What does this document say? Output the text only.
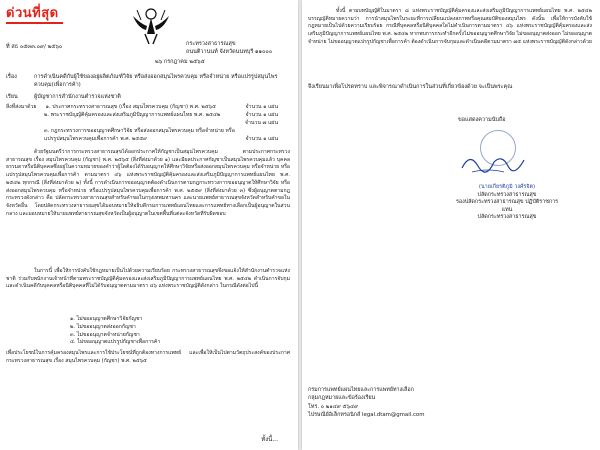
ด่วนที่สุด
ที่ สธ ๐๕๓๓.๐๙/ ๒๕๖๐	กระทรวงสาธารณสุข
ถนนติวานนท์ จังหวัดนนทบุรี ๑๑๐๐๐
๒๖ กรกฎาคม ๒๕๖๕
เรื่อง	การดำเนินคดีกับผู้ใช้ของอยู่ผลิตภัณฑ์วิจัย หรือส่งออกสมุนไพรควบคุม หรือจำหน่าย หรือแปรรูปสมุนไพรควบคุม(เพื่อการค้า)
เรียน	ผู้บัญชาการสำนักงานตำรวจแห่งชาติ
สิ่งที่ส่งมาด้วย ๑. ประกาศกระทรวงสาธารณสุข (เรื่อง สมุนไพรควบคุม (กัญชา) พ.ศ. ๒๕๖๕	จำนวน ๑ แผ่น
๒. พระราชบัญญัติคุ้มครองและส่งเสริมภูมิปัญญาการแพทย์แผนไทย พ.ศ. ๒๕๔๒	จำนวน ๑ แผ่น
จำนวน ๗ แผ่น
๓. กฎกระทรวงการขออนุญาตศึกษาวิจัย หรือส่งออกสมุนไพรควบคุม หรือจำหน่าย หรือแปรรูปสมุนไพรควบคุมเพื่อการค้า พ.ศ. ๒๕๕๙	จำนวน ๑ แผ่น
ด้วยรัฐมนตรีว่าการกระทรวงสาธารณสุขได้ออกประกาศให้กัญชาเป็นสมุนไพรควบคุม ตามประกาศกระทรวงสาธารณสุข เรื่อง สมุนไพรควบคุม (กัญชา) พ.ศ. ๒๕๖๕ (สิ่งที่ส่งมาด้วย ๑) และมีผลประกาศกัญชาเป็นสมุนไพรควบคุมแล้ว บุคคลธรรมดาหรือนิติบุคคลซึ่งอยู่ในความหมายของคำว่าผู้ใดต้องได้รับอนุญาตให้ศึกษาวิจัยหรือส่งออกสมุนไพรควบคุม หรือจำหน่าย หรือแปรรูปสมุนไพรควบคุมเพื่อการค้า ตามมาตรา ๔๖ แห่งพระราชบัญญัติคุ้มครองและส่งเสริมภูมิปัญญาการแพทย์แผนไทย พ.ศ. ๒๕๔๒ ทุกกรณี (สิ่งที่ส่งมาด้วย ๒) ทั้งนี้ การดำเนินการขออนุญาตต้องดำเนินการตามกฎกระทรวงการขออนุญาตให้ศึกษาวิจัย หรือ ส่งออกสมุนไพรควบคุม หรือจำหน่าย หรือแปรรูปสมุนไพรควบคุมเพื่อการค้า พ.ศ. ๒๕๕๙ (สิ่งที่ส่งมาด้วย ๓) ซึ่งผู้อนุญาตตามกฎกระทรวงดังกล่าว คือ ปลัดกระทรวงสาธารณสุขสำหรับคำขอในกรุงเทพมหานคร และนายแพทย์สาธารณสุขจังหวัดสำหรับคำขอในจังหวัดอื่น โดยปลัดกระทรวงสาธารณสุขได้มอบหมายให้อธิบดีกรมการแพทย์แผนไทยและการแพทย์ทางเลือกเป็นผู้อนุญาตในส่วนกลาง และมอบหมายให้นายแพทย์สาธารณสุขจังหวัดเป็นผู้อนุญาตในเขตพื้นที่แต่ละจังหวัดที่รับผิดชอบ
ในการนี้ เพื่อให้การบังคับใช้กฎหมายเป็นไปด้วยความเรียบร้อย กระทรวงสาธารณสุขจึงขอแจ้งให้สำนักงานตำรวจแห่งชาติ ร่วมกับพนักงานเจ้าหน้าที่ตามพระราชบัญญัติคุ้มครองและส่งเสริมภูมิปัญญาการแพทย์แผนไทย พ.ศ. ๒๕๔๒ ดำเนินการจับกุมและดำเนินคดีกับบุคคลหรือนิติบุคคลที่ไม่ได้รับอนุญาตตามมาตรา ๔๖ แห่งพระราชบัญญัติดังกล่าว ในกรณีดังต่อไปนี้
๑. ไม่ขออนุญาตศึกษาวิจัยกัญชา
๒. ไม่ขออนุญาตส่งออกกัญชา
๓. ไม่ขออนุญาตจำหน่ายกัญชา
๔. ไม่ขออนุญาตแปรรูปกัญชาเพื่อการค้า
เพื่อประโยชน์ในการคุ้มครองสมุนไพรและการใช้ประโยชน์ที่ถูกต้องทางการแพทย์ และเพื่อให้เป็นไปตามวัตถุประสงค์ของประกาศกระทรวงสาธารณสุข เรื่อง สมุนไพรควบคุม (กัญชา) พ.ศ. ๒๕๖๕
ทั้งนี้...
ทั้งนี้ ตามบทบัญญัติในมาตรา ๘ แห่งพระราชบัญญัติคุ้มครองและส่งเสริมภูมิปัญญาการแพทย์แผนไทย พ.ศ. ๒๕๔๒ บรรญญัติหมายความว่า การนำสมุนไพรในระยะที่การเปลี่ยนแปลงสภาพหรือคุณสมบัติของสมุนไพร ดังนั้น เพื่อให้การบังคับใช้กฎหมายเป็นไปด้วยความเรียบร้อย กรณีที่บุคคลหรือนิติบุคคลใดไม่ดำเนินการตามมาตรา ๔๖ แห่งพระราชบัญญัติคุ้มครองและส่งเสริมภูมิปัญญาการแพทย์แผนไทย พ.ศ. ๒๕๔๒ หากพบการกระทำอีกครั้งไม่ขออนุญาตศึกษาวิจัย ไม่ขออนุญาตส่งออก ไม่ขออนุญาตจำหน่าย ไม่ขออนุญาตแปรรูปกัญชาเพื่อการค้า ต้องดำเนินการจับกุมและดำเนินคดีตามมาตรา ๗๕ แห่งพระราชบัญญัติดังกล่าวด้วย
จึงเรียนมาเพื่อโปรดทราบ และพิจารณาดำเนินการในส่วนที่เกี่ยวข้องด้วย จะเป็นพระคุณ
ขอแสดงความนับถือ
(นายเกียรติภูมิ วงศ์รจิต)
ปลัดกระทรวงสาธารณสุข
รองปลัดกระทรวงสาธารณสุข ปฏิบัติราชการแทน
ปลัดกระทรวงสาธารณสุข
กรมการแพทย์แผนไทยและการแพทย์ทางเลือก
กลุ่มกฎหมายและข้อร้องเรียน
โทร. ๐ ๒๑๔๙ ๕๖๔๙
ไปรษณีย์อิเล็กทรอนิกส์ legal.dtam@gmail.com
